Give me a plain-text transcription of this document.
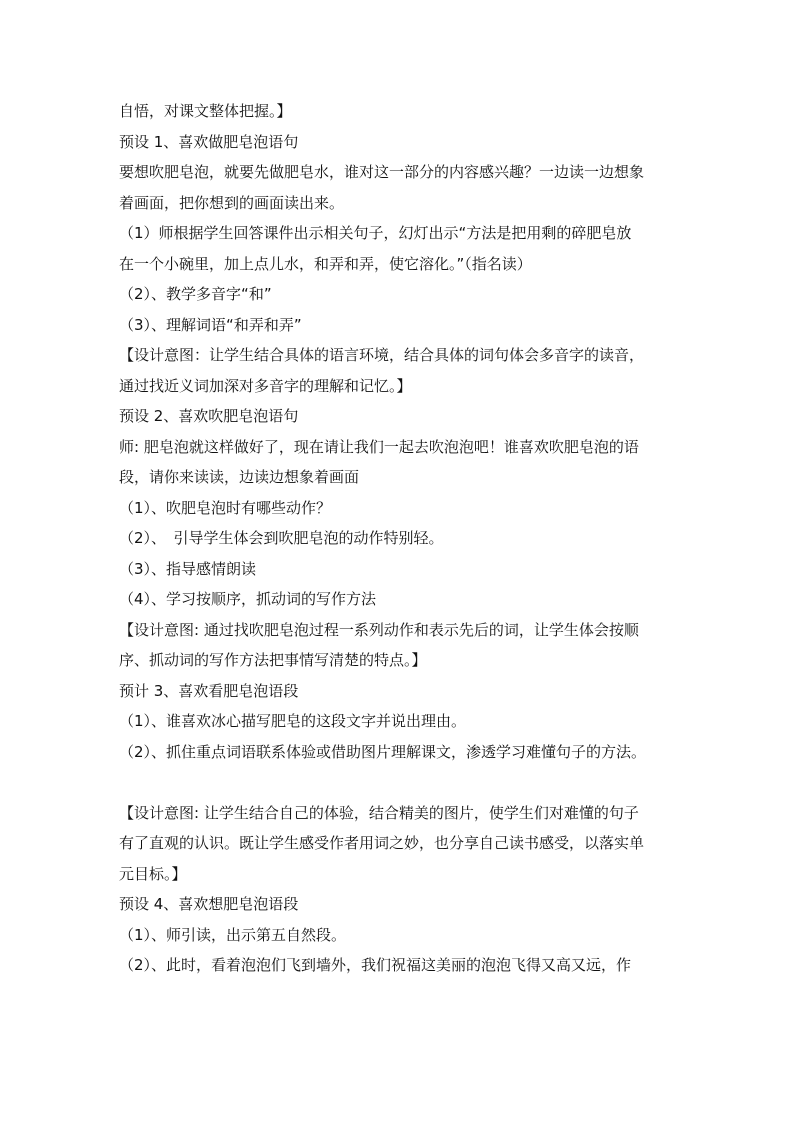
自悟，对课文整体把握。】
预设 1、喜欢做肥皂泡语句
要想吹肥皂泡，就要先做肥皂水，谁对这一部分的内容感兴趣？一边读一边想象
着画面，把你想到的画面读出来。
（1）师根据学生回答课件出示相关句子，幻灯出示“方法是把用剩的碎肥皂放
在一个小碗里，加上点儿水，和弄和弄，使它溶化。”（指名读）
（2）、教学多音字“和”
（3）、理解词语“和弄和弄”
【设计意图：让学生结合具体的语言环境，结合具体的词句体会多音字的读音，
通过找近义词加深对多音字的理解和记忆。】
预设 2、喜欢吹肥皂泡语句
师: 肥皂泡就这样做好了，现在请让我们一起去吹泡泡吧！谁喜欢吹肥皂泡的语
段，请你来读读，边读边想象着画面
（1）、吹肥皂泡时有哪些动作？
（2）、　引导学生体会到吹肥皂泡的动作特别轻。
（3）、指导感情朗读
（4）、学习按顺序，抓动词的写作方法
【设计意图: 通过找吹肥皂泡过程一系列动作和表示先后的词，让学生体会按顺
序、抓动词的写作方法把事情写清楚的特点。】
预计 3、喜欢看肥皂泡语段
（1）、谁喜欢冰心描写肥皂的这段文字并说出理由。
（2）、抓住重点词语联系体验或借助图片理解课文，渗透学习难懂句子的方法。
【设计意图: 让学生结合自己的体验，结合精美的图片，使学生们对难懂的句子
有了直观的认识。既让学生感受作者用词之妙，也分享自己读书感受，以落实单
元目标。】
预设 4、喜欢想肥皂泡语段
（1）、师引读，出示第五自然段。
（2）、此时，看着泡泡们飞到墙外，我们祝福这美丽的泡泡飞得又高又远，作
